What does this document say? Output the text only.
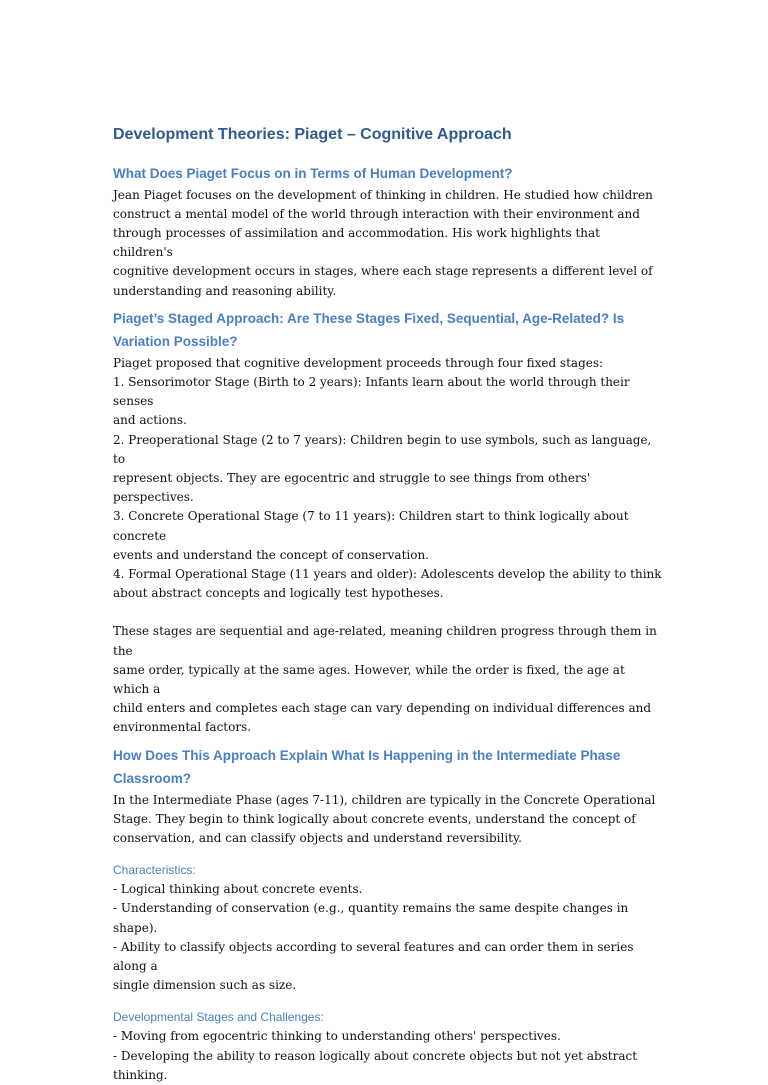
Development Theories: Piaget – Cognitive Approach
What Does Piaget Focus on in Terms of Human Development?
Jean Piaget focuses on the development of thinking in children. He studied how children
construct a mental model of the world through interaction with their environment and
through processes of assimilation and accommodation. His work highlights that children's
cognitive development occurs in stages, where each stage represents a different level of
understanding and reasoning ability.
Piaget’s Staged Approach: Are These Stages Fixed, Sequential, Age-Related? Is
Variation Possible?
Piaget proposed that cognitive development proceeds through four fixed stages:
1. Sensorimotor Stage (Birth to 2 years): Infants learn about the world through their senses
and actions.
2. Preoperational Stage (2 to 7 years): Children begin to use symbols, such as language, to
represent objects. They are egocentric and struggle to see things from others' perspectives.
3. Concrete Operational Stage (7 to 11 years): Children start to think logically about concrete
events and understand the concept of conservation.
4. Formal Operational Stage (11 years and older): Adolescents develop the ability to think
about abstract concepts and logically test hypotheses.
These stages are sequential and age-related, meaning children progress through them in the
same order, typically at the same ages. However, while the order is fixed, the age at which a
child enters and completes each stage can vary depending on individual differences and
environmental factors.
How Does This Approach Explain What Is Happening in the Intermediate Phase
Classroom?
In the Intermediate Phase (ages 7-11), children are typically in the Concrete Operational
Stage. They begin to think logically about concrete events, understand the concept of
conservation, and can classify objects and understand reversibility.
Characteristics:
- Logical thinking about concrete events.
- Understanding of conservation (e.g., quantity remains the same despite changes in shape).
- Ability to classify objects according to several features and can order them in series along a
single dimension such as size.
Developmental Stages and Challenges:
- Moving from egocentric thinking to understanding others' perspectives.
- Developing the ability to reason logically about concrete objects but not yet abstract
thinking.
